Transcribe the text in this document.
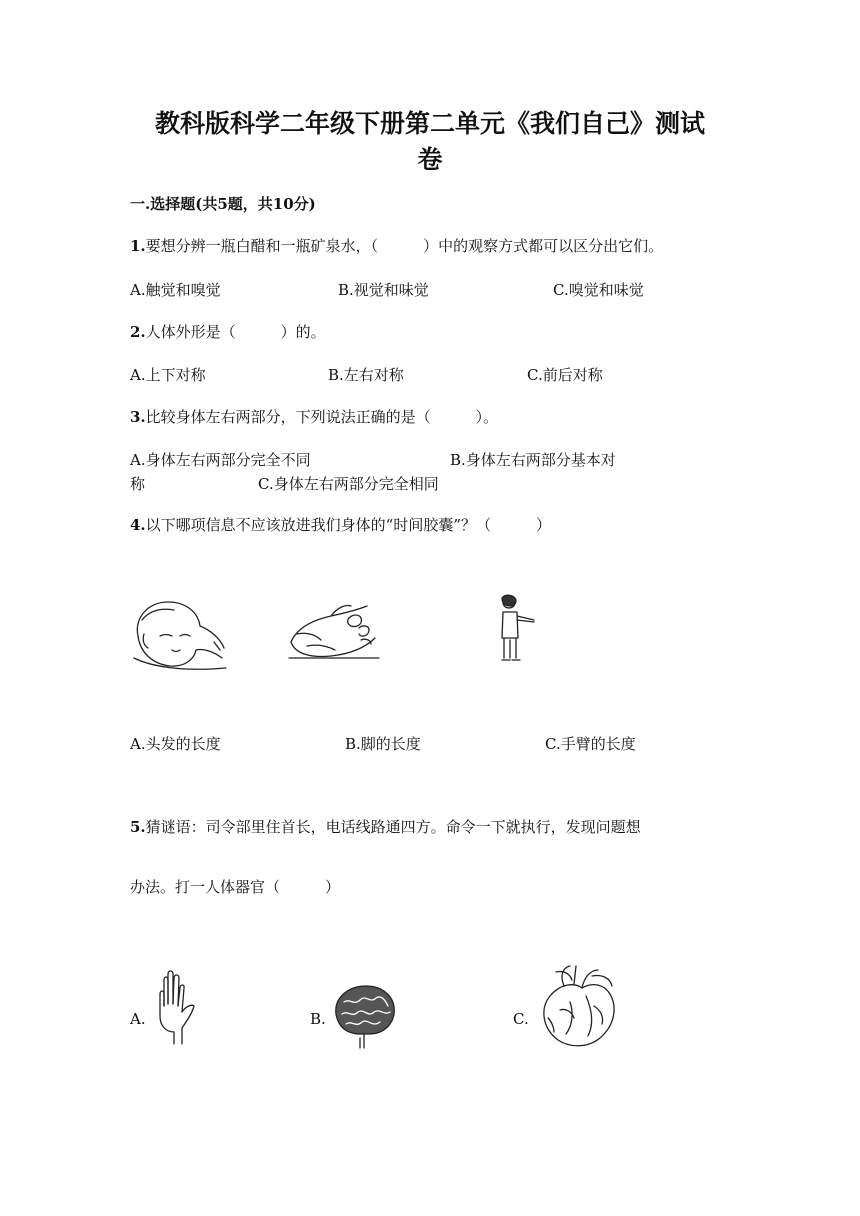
教科版科学二年级下册第二单元《我们自己》测试
卷
一.选择题(共5题，共10分)
1.要想分辨一瓶白醋和一瓶矿泉水，（　　　）中的观察方式都可以区分出它们。
A.触觉和嗅觉	B.视觉和味觉	C.嗅觉和味觉
2.人体外形是（　　　）的。
A.上下对称	B.左右对称	C.前后对称
3.比较身体左右两部分，下列说法正确的是（　　　）。
A.身体左右两部分完全不同	B.身体左右两部分基本对
称	C.身体左右两部分完全相同
4.以下哪项信息不应该放进我们身体的“时间胶囊”？（　　　）
A.头发的长度	B.脚的长度	C.手臂的长度
5.猜谜语：司令部里住首长，电话线路通四方。命令一下就执行，发现问题想
办法。打一人体器官（　　　）
A.	B.	C.
